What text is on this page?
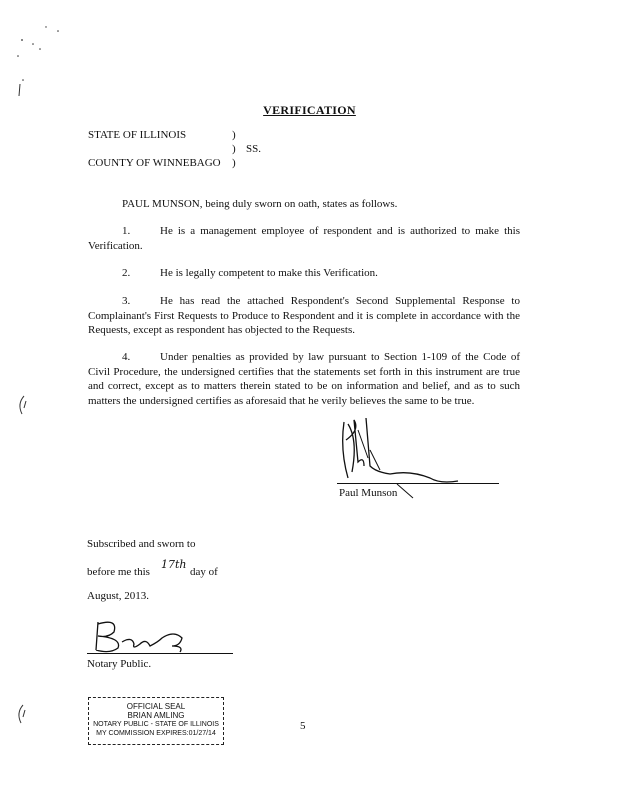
VERIFICATION
STATE OF ILLINOIS	)
) SS.
COUNTY OF WINNEBAGO )
PAUL MUNSON, being duly sworn on oath, states as follows.
1.	He is a management employee of respondent and is authorized to make this Verification.
2.	He is legally competent to make this Verification.
3.	He has read the attached Respondent's Second Supplemental Response to Complainant's First Requests to Produce to Respondent and it is complete in accordance with the Requests, except as respondent has objected to the Requests.
4.	Under penalties as provided by law pursuant to Section 1-109 of the Code of Civil Procedure, the undersigned certifies that the statements set forth in this instrument are true and correct, except as to matters therein stated to be on information and belief, and as to such matters the undersigned certifies as aforesaid that he verily believes the same to be true.
Paul Munson
Subscribed and sworn to
before me this
17th
day of
August, 2013.
Notary Public.
OFFICIAL SEAL
BRIAN AMLING
NOTARY PUBLIC - STATE OF ILLINOIS
MY COMMISSION EXPIRES:01/27/14
5
